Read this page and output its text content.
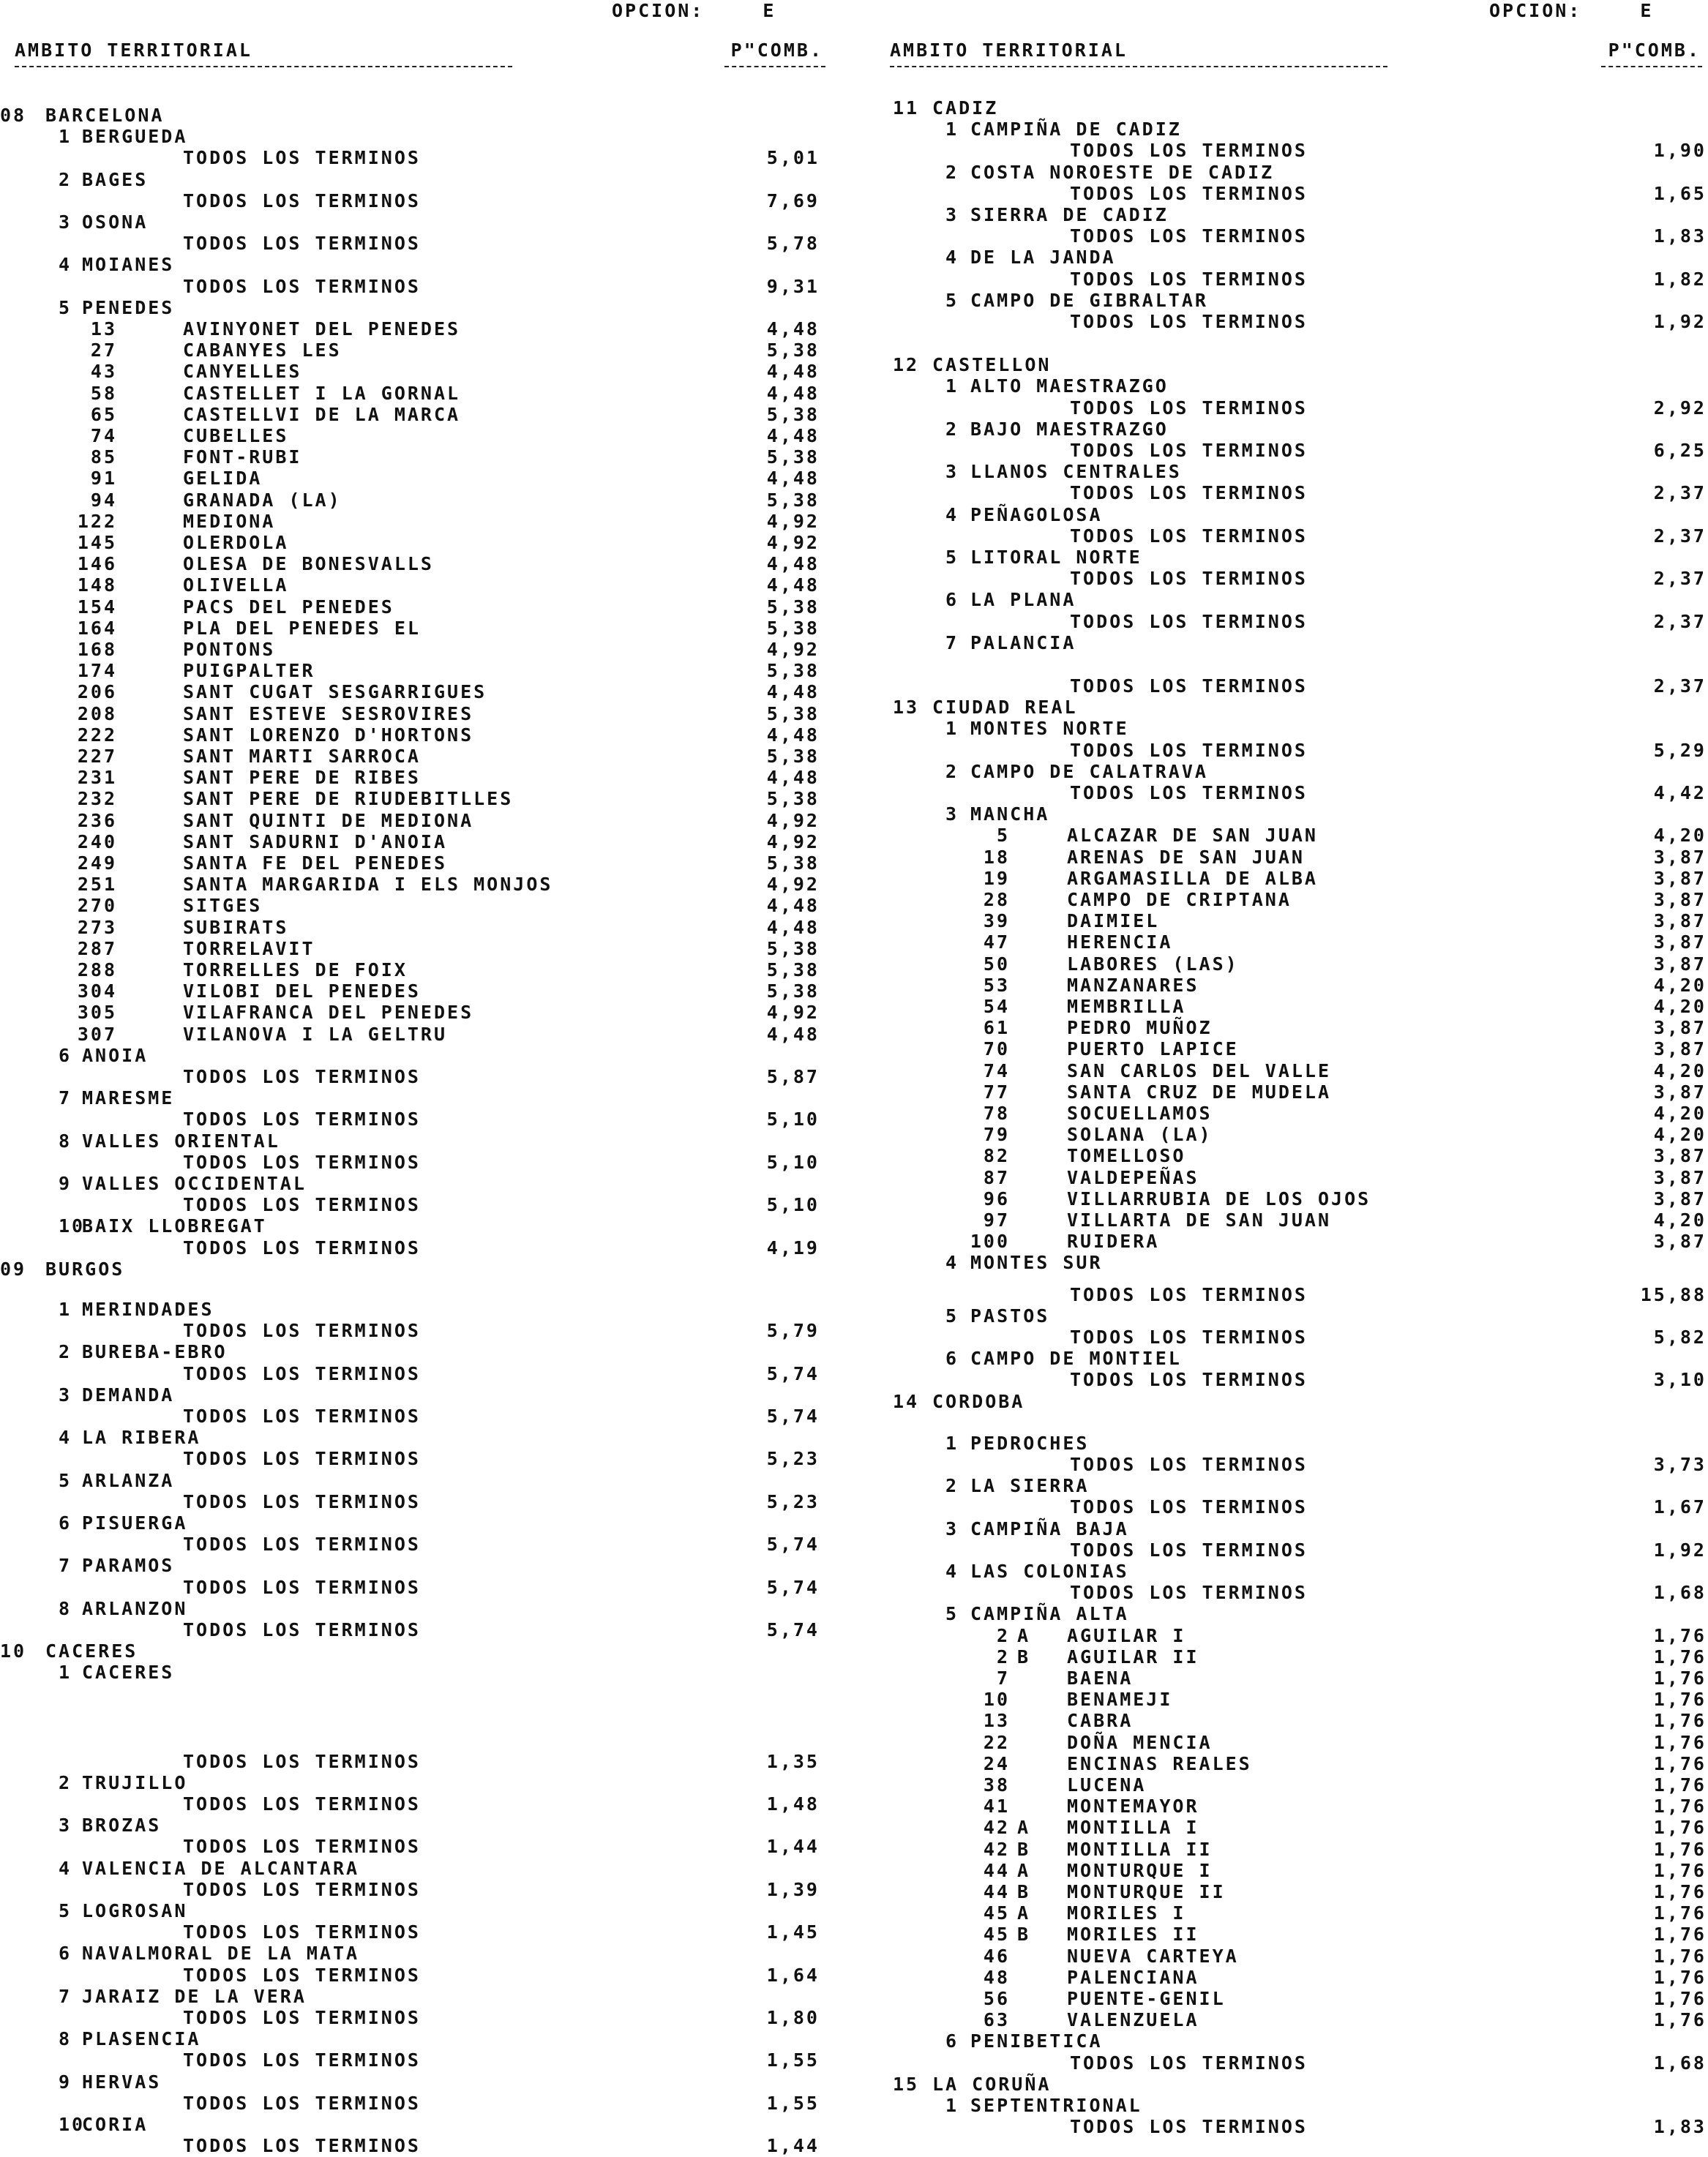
OPCION:	E
AMBITO TERRITORIAL	P"COMB.
08 BARCELONA
1 BERGUEDA
TODOS LOS TERMINOS	5,01
2 BAGES
TODOS LOS TERMINOS	7,69
3 OSONA
TODOS LOS TERMINOS	5,78
4 MOIANES
TODOS LOS TERMINOS	9,31
5 PENEDES
13	AVINYONET DEL PENEDES	4,48
27	CABANYES LES	5,38
43	CANYELLES	4,48
58	CASTELLET I LA GORNAL	4,48
65	CASTELLVI DE LA MARCA	5,38
74	CUBELLES	4,48
85	FONT-RUBI	5,38
91	GELIDA	4,48
94	GRANADA (LA)	5,38
122	MEDIONA	4,92
145	OLERDOLA	4,92
146	OLESA DE BONESVALLS	4,48
148	OLIVELLA	4,48
154	PACS DEL PENEDES	5,38
164	PLA DEL PENEDES EL	5,38
168	PONTONS	4,92
174	PUIGPALTER	5,38
206	SANT CUGAT SESGARRIGUES	4,48
208	SANT ESTEVE SESROVIRES	5,38
222	SANT LORENZO D'HORTONS	4,48
227	SANT MARTI SARROCA	5,38
231	SANT PERE DE RIBES	4,48
232	SANT PERE DE RIUDEBITLLES	5,38
236	SANT QUINTI DE MEDIONA	4,92
240	SANT SADURNI D'ANOIA	4,92
249	SANTA FE DEL PENEDES	5,38
251	SANTA MARGARIDA I ELS MONJOS	4,92
270	SITGES	4,48
273	SUBIRATS	4,48
287	TORRELAVIT	5,38
288	TORRELLES DE FOIX	5,38
304	VILOBI DEL PENEDES	5,38
305	VILAFRANCA DEL PENEDES	4,92
307	VILANOVA I LA GELTRU	4,48
6 ANOIA
TODOS LOS TERMINOS	5,87
7 MARESME
TODOS LOS TERMINOS	5,10
8 VALLES ORIENTAL
TODOS LOS TERMINOS	5,10
9 VALLES OCCIDENTAL
TODOS LOS TERMINOS	5,10
10
BAIX LLOBREGAT
TODOS LOS TERMINOS	4,19
09 BURGOS
1 MERINDADES
TODOS LOS TERMINOS	5,79
2 BUREBA-EBRO
TODOS LOS TERMINOS	5,74
3 DEMANDA
TODOS LOS TERMINOS	5,74
4 LA RIBERA
TODOS LOS TERMINOS	5,23
5 ARLANZA
TODOS LOS TERMINOS	5,23
6 PISUERGA
TODOS LOS TERMINOS	5,74
7 PARAMOS
TODOS LOS TERMINOS	5,74
8 ARLANZON
TODOS LOS TERMINOS	5,74
10 CACERES
1 CACERES
TODOS LOS TERMINOS	1,35
2 TRUJILLO
TODOS LOS TERMINOS	1,48
3 BROZAS
TODOS LOS TERMINOS	1,44
4 VALENCIA DE ALCANTARA
TODOS LOS TERMINOS	1,39
5 LOGROSAN
TODOS LOS TERMINOS	1,45
6 NAVALMORAL DE LA MATA
TODOS LOS TERMINOS	1,64
7 JARAIZ DE LA VERA
TODOS LOS TERMINOS	1,80
8 PLASENCIA
TODOS LOS TERMINOS	1,55
9 HERVAS
TODOS LOS TERMINOS	1,55
10
CORIA
TODOS LOS TERMINOS	1,44
OPCION:	E
AMBITO TERRITORIAL	P"COMB.
11 CADIZ
1 CAMPIÑA DE CADIZ
TODOS LOS TERMINOS	1,90
2 COSTA NOROESTE DE CADIZ
TODOS LOS TERMINOS	1,65
3 SIERRA DE CADIZ
TODOS LOS TERMINOS	1,83
4 DE LA JANDA
TODOS LOS TERMINOS	1,82
5 CAMPO DE GIBRALTAR
TODOS LOS TERMINOS	1,92
12 CASTELLON
1 ALTO MAESTRAZGO
TODOS LOS TERMINOS	2,92
2 BAJO MAESTRAZGO
TODOS LOS TERMINOS	6,25
3 LLANOS CENTRALES
TODOS LOS TERMINOS	2,37
4 PEÑAGOLOSA
TODOS LOS TERMINOS	2,37
5 LITORAL NORTE
TODOS LOS TERMINOS	2,37
6 LA PLANA
TODOS LOS TERMINOS	2,37
7 PALANCIA
TODOS LOS TERMINOS	2,37
13 CIUDAD REAL
1 MONTES NORTE
TODOS LOS TERMINOS	5,29
2 CAMPO DE CALATRAVA
TODOS LOS TERMINOS	4,42
3 MANCHA
5	ALCAZAR DE SAN JUAN	4,20
18	ARENAS DE SAN JUAN	3,87
19	ARGAMASILLA DE ALBA	3,87
28	CAMPO DE CRIPTANA	3,87
39	DAIMIEL	3,87
47	HERENCIA	3,87
50	LABORES (LAS)	3,87
53	MANZANARES	4,20
54	MEMBRILLA	4,20
61	PEDRO MUÑOZ	3,87
70	PUERTO LAPICE	3,87
74	SAN CARLOS DEL VALLE	4,20
77	SANTA CRUZ DE MUDELA	3,87
78	SOCUELLAMOS	4,20
79	SOLANA (LA)	4,20
82	TOMELLOSO	3,87
87	VALDEPEÑAS	3,87
96	VILLARRUBIA DE LOS OJOS	3,87
97	VILLARTA DE SAN JUAN	4,20
100	RUIDERA	3,87
4 MONTES SUR
TODOS LOS TERMINOS	15,88
5 PASTOS
TODOS LOS TERMINOS	5,82
6 CAMPO DE MONTIEL
TODOS LOS TERMINOS	3,10
14 CORDOBA
1 PEDROCHES
TODOS LOS TERMINOS	3,73
2 LA SIERRA
TODOS LOS TERMINOS	1,67
3 CAMPIÑA BAJA
TODOS LOS TERMINOS	1,92
4 LAS COLONIAS
TODOS LOS TERMINOS	1,68
5 CAMPIÑA ALTA
2 A AGUILAR I	1,76
2 B AGUILAR II	1,76
7	BAENA	1,76
10	BENAMEJI	1,76
13	CABRA	1,76
22	DOÑA MENCIA	1,76
24	ENCINAS REALES	1,76
38	LUCENA	1,76
41	MONTEMAYOR	1,76
42 A MONTILLA I	1,76
42 B MONTILLA II	1,76
44 A MONTURQUE I	1,76
44 B MONTURQUE II	1,76
45 A MORILES I	1,76
45 B MORILES II	1,76
46	NUEVA CARTEYA	1,76
48	PALENCIANA	1,76
56	PUENTE-GENIL	1,76
63	VALENZUELA	1,76
6 PENIBETICA
TODOS LOS TERMINOS	1,68
15 LA CORUÑA
1 SEPTENTRIONAL
TODOS LOS TERMINOS	1,83
